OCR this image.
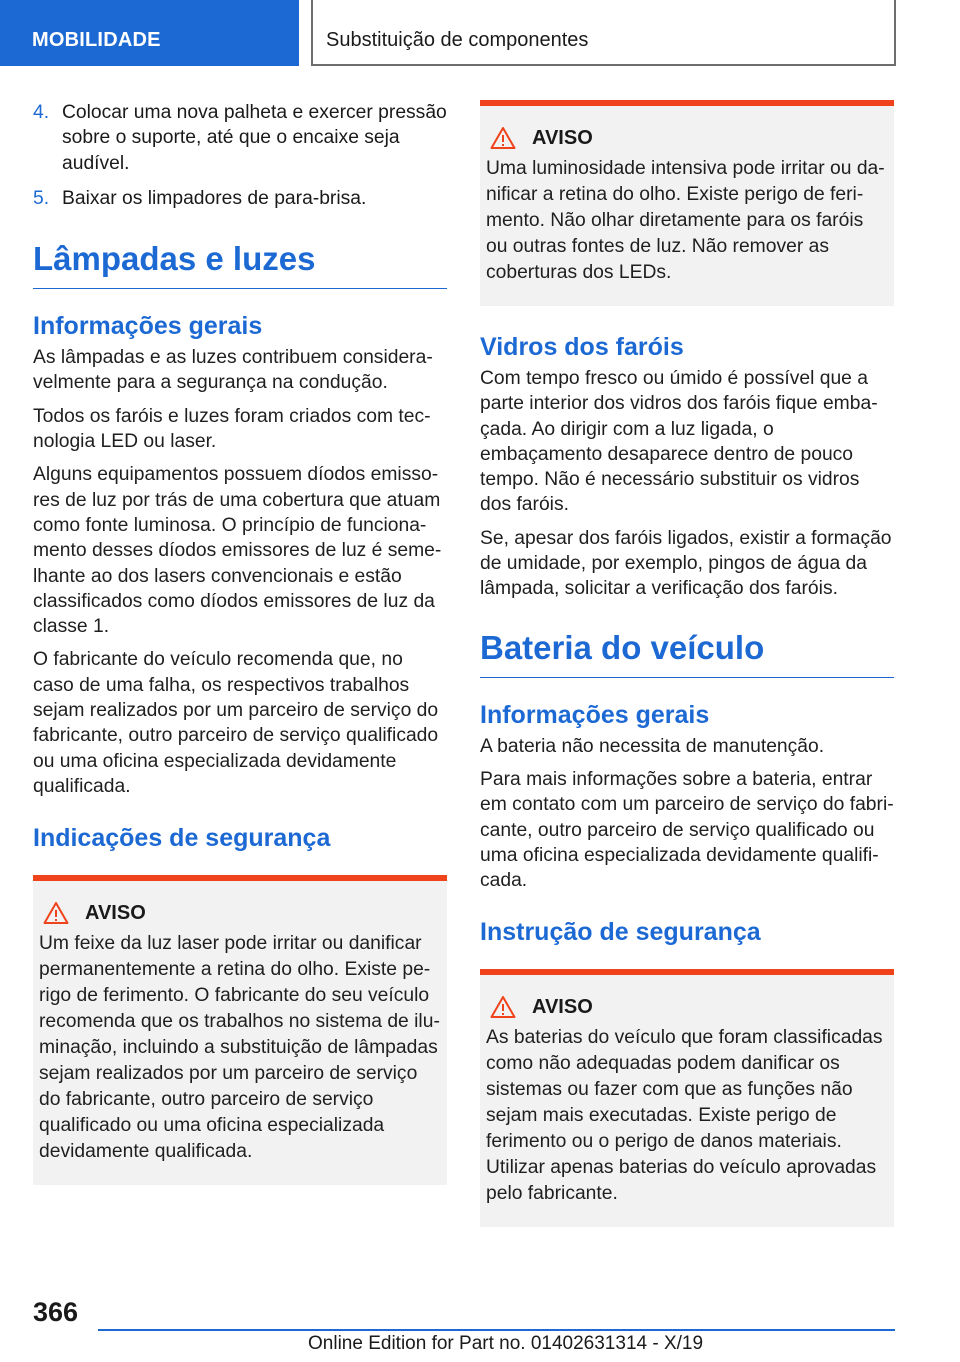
MOBILIDADE	Substituição de componentes
4. Colocar uma nova palheta e exercer pressão sobre o suporte, até que o encaixe seja audível.
5. Baixar os limpadores de para-brisa.
Lâmpadas e luzes
Informações gerais

As lâmpadas e as luzes contribuem consideravelmente para a segurança na condução.

Todos os faróis e luzes foram criados com tecnologia LED ou laser.

Alguns equipamentos possuem díodos emissores de luz por trás de uma cobertura que atuam como fonte luminosa. O princípio de funcionamento desses díodos emissores de luz é semelhante ao dos lasers convencionais e estão classificados como díodos emissores de luz da classe 1.

O fabricante do veículo recomenda que, no caso de uma falha, os respectivos trabalhos sejam realizados por um parceiro de serviço do fabricante, outro parceiro de serviço qualificado ou uma oficina especializada devidamente qualificada.

Indicações de segurança
AVISO

Um feixe da luz laser pode irritar ou danificar permanentemente a retina do olho. Existe perigo de ferimento. O fabricante do seu veículo recomenda que os trabalhos no sistema de iluminação, incluindo a substituição de lâmpadas sejam realizados por um parceiro de serviço do fabricante, outro parceiro de serviço qualificado ou uma oficina especializada devidamente qualificada.

AVISO

Uma luminosidade intensiva pode irritar ou danificar a retina do olho. Existe perigo de ferimento. Não olhar diretamente para os faróis ou outras fontes de luz. Não remover as coberturas dos LEDs.

Vidros dos faróis

Com tempo fresco ou úmido é possível que a parte interior dos vidros dos faróis fique embaçada. Ao dirigir com a luz ligada, o embaçamento desaparece dentro de pouco tempo. Não é necessário substituir os vidros dos faróis.

Se, apesar dos faróis ligados, existir a formação de umidade, por exemplo, pingos de água da lâmpada, solicitar a verificação dos faróis.

Bateria do veículo
Informações gerais

A bateria não necessita de manutenção.

Para mais informações sobre a bateria, entrar em contato com um parceiro de serviço do fabricante, outro parceiro de serviço qualificado ou uma oficina especializada devidamente qualificada.

Instrução de segurança
AVISO

As baterias do veículo que foram classificadas como não adequadas podem danificar os sistemas ou fazer com que as funções não sejam mais executadas. Existe perigo de ferimento ou o perigo de danos materiais. Utilizar apenas baterias do veículo aprovadas pelo fabricante.

366
Online Edition for Part no. 01402631314 - X/19
